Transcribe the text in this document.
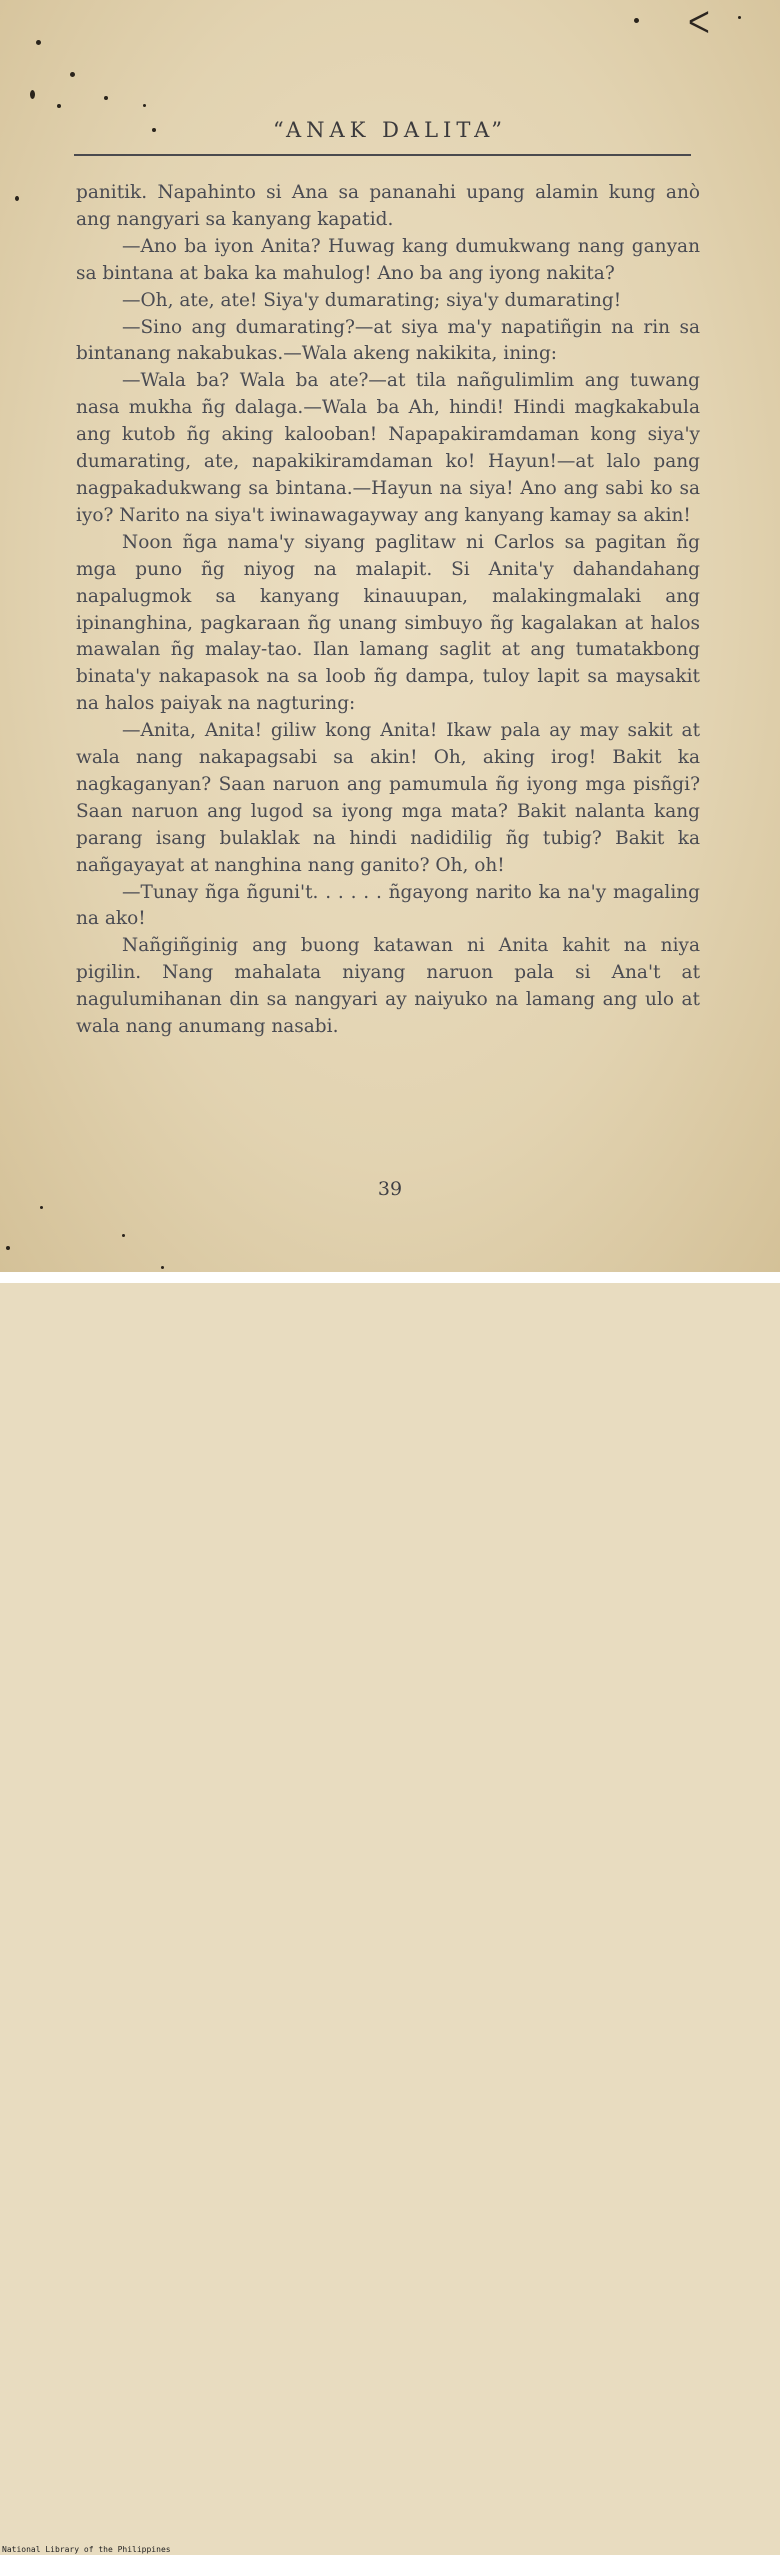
ᐸ
“ANAK DALITA”

panitik. Napahinto si Ana sa pananahi upang alamin kung anò ang nangyari sa kanyang kapatid.

—Ano ba iyon Anita? Huwag kang dumukwang nang ganyan sa bintana at baka ka mahulog! Ano ba ang iyong nakita?

—Oh, ate, ate! Siya'y dumarating; siya'y dumarating!

—Sino ang dumarating?—at siya ma'y napatiñgin na rin sa bintanang nakabukas.—Wala akeng nakikita, ining:

—Wala ba? Wala ba ate?—at tila nañgulimlim ang tuwang nasa mukha ñg dalaga.—Wala ba Ah, hindi! Hindi magkakabula ang kutob ñg aking kalooban! Napapakiramdaman kong siya'y dumarating, ate, napakikiramdaman ko! Hayun!—at lalo pang nagpakadukwang sa bintana.—Hayun na siya! Ano ang sabi ko sa iyo? Narito na siya't iwinawagayway ang kanyang kamay sa akin!

Noon ñga nama'y siyang paglitaw ni Carlos sa pagitan ñg mga puno ñg niyog na malapit. Si Anita'y dahandahang napalugmok sa kanyang kinauupan, malakingmalaki ang ipinanghina, pagkaraan ñg unang simbuyo ñg kagalakan at halos mawalan ñg malay-tao. Ilan lamang saglit at ang tumatakbong binata'y nakapasok na sa loob ñg dampa, tuloy lapit sa maysakit na halos paiyak na nagturing:

—Anita, Anita! giliw kong Anita! Ikaw pala ay may sakit at wala nang nakapagsabi sa akin! Oh, aking irog! Bakit ka nagkaganyan? Saan naruon ang pamumula ñg iyong mga pisñgi?Saan naruon ang lugod sa iyong mga mata? Bakit nalanta kang parang isang bulaklak na hindi nadidilig ñg tubig? Bakit ka nañgayayat at nanghina nang ganito? Oh, oh!

—Tunay ñga ñguni't. . . . . . ñgayong narito ka na'y magaling na ako!

Nañgiñginig ang buong katawan ni Anita kahit na niya pigilin. Nang mahalata niyang naruon pala si Ana't at nagulumihanan din sa nangyari ay naiyuko na lamang ang ulo at wala nang anumang nasabi.

39
National Library of the Philippines
